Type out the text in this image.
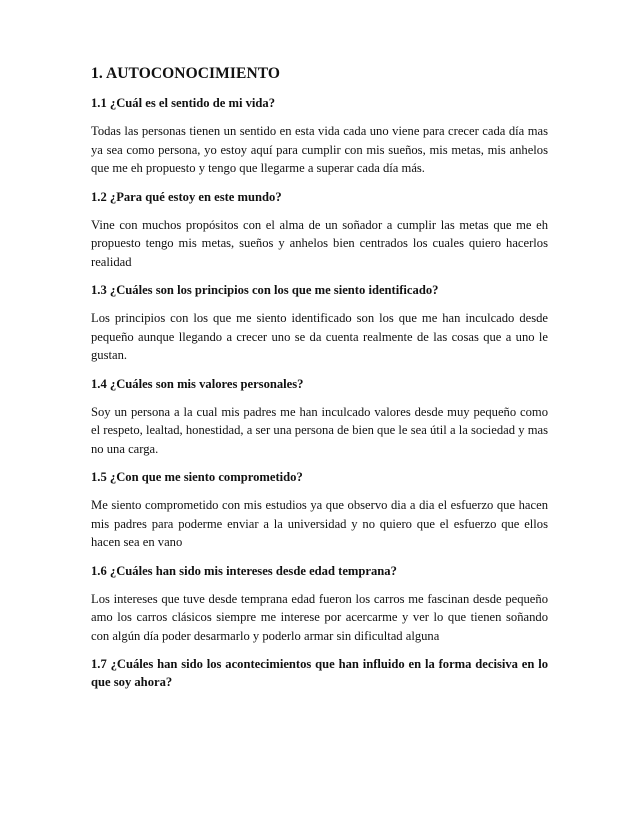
1. AUTOCONOCIMIENTO

1.1 ¿Cuál es el sentido de mi vida?

Todas las personas tienen un sentido en esta vida cada uno viene para crecer cada día mas ya sea como persona, yo estoy aquí para cumplir con mis sueños, mis metas, mis anhelos que me eh propuesto y tengo que llegarme a superar cada día más.

1.2 ¿Para qué estoy en este mundo?

Vine con muchos propósitos con el alma de un soñador a cumplir las metas que me eh propuesto tengo mis metas, sueños y anhelos bien centrados los cuales quiero hacerlos realidad

1.3 ¿Cuáles son los principios con los que me siento identificado?

Los principios con los que me siento identificado son los que me han inculcado desde pequeño aunque llegando a crecer uno se da cuenta realmente de las cosas que a uno le gustan.

1.4 ¿Cuáles son mis valores personales?

Soy un persona a la cual mis padres me han inculcado valores desde muy pequeño como el respeto, lealtad, honestidad, a ser una persona de bien que le sea útil a la sociedad y mas no una carga.

1.5 ¿Con que me siento comprometido?

Me siento comprometido con mis estudios ya que observo dia a dia el esfuerzo que hacen mis padres para poderme enviar a la universidad y no quiero que el esfuerzo que ellos hacen sea en vano

1.6 ¿Cuáles han sido mis intereses desde edad temprana?

Los intereses que tuve desde temprana edad fueron los carros me fascinan desde pequeño amo los carros clásicos siempre me interese por acercarme y ver lo que tienen soñando con algún día poder desarmarlo y poderlo armar sin dificultad alguna

1.7 ¿Cuáles han sido los acontecimientos que han influido en la forma decisiva en lo que soy ahora?
